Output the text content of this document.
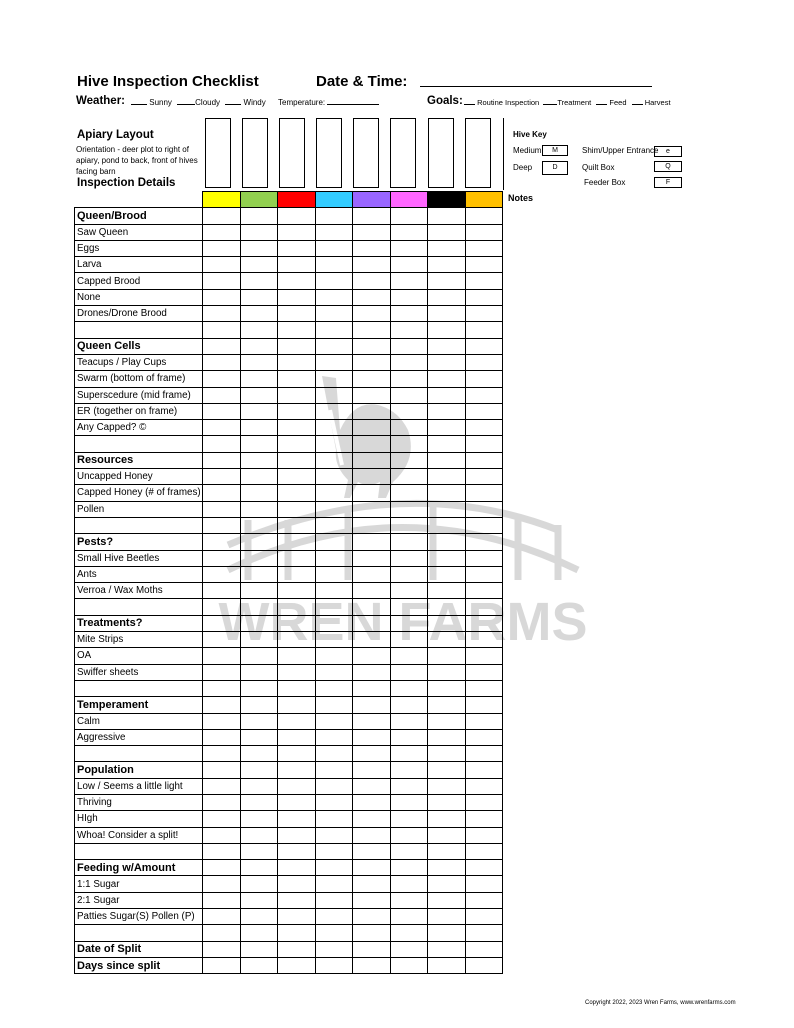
Hive Inspection Checklist	Date & Time:
Weather:	Sunny	Cloudy	Windy Temperature:	Goals:	Routine Inspection Treatment Feed Harvest
Apiary Layout
Orientation - deer plot to right of
apiary, pond to back, front of hives
facing barn
Inspection Details
Hive Key
Medium	M
Deep	D
Shim/Upper Entrance	e
Quilt Box	Q
Feeder Box	F
Notes
WREN FARMS

Queen/Brood								
Saw Queen								
Eggs								
Larva								
Capped Brood								
None								
Drones/Drone Brood								

Queen Cells								
Teacups / Play Cups								
Swarm (bottom of frame)								
Superscedure (mid frame)								
ER (together on frame)								
Any Capped? ©								

Resources								
Uncapped Honey								
Capped Honey (# of frames)								
Pollen								

Pests?								
Small Hive Beetles								
Ants								
Verroa / Wax Moths								

Treatments?								
Mite Strips								
OA								
Swiffer sheets								

Temperament								
Calm								
Aggressive								

Population								
Low / Seems a little light								
Thriving								
HIgh								
Whoa! Consider a split!								

Feeding w/Amount								
1:1 Sugar								
2:1 Sugar								
Patties Sugar(S) Pollen (P)								

Date of Split								
Days since split								
Copyright 2022, 2023 Wren Farms, www.wrenfarms.com
